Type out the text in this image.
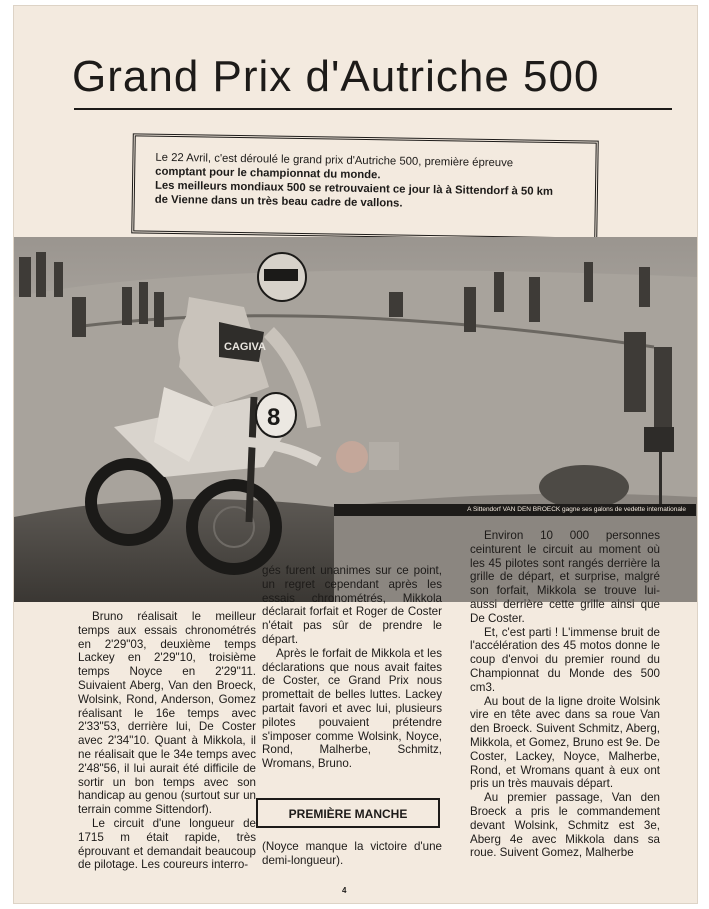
Grand Prix d'Autriche 500

Le 22 Avril, c'est déroulé le grand prix d'Autriche 500, première épreuve

comptant pour le championnat du monde.

Les meilleurs mondiaux 500 se retrouvaient ce jour là à Sittendorf à 50 km

de Vienne dans un très beau cadre de vallons.

8
CAGIVA
A Sittendorf VAN DEN BROECK gagne ses galons de vedette internationale

Bruno réalisait le meilleur temps aux essais chronométrés en 2'29"03, deuxième temps Lackey en 2'29"10, troisième temps Noyce en 2'29"11. Suivaient Aberg, Van den Broeck, Wolsink, Rond, Anderson, Gomez réalisant le 16e temps avec 2'33"53, derrière lui, De Coster avec 2'34"10. Quant à Mikkola, il ne réalisait que le 34e temps avec 2'48"56, il lui aurait été difficile de sortir un bon temps avec son handicap au genou (surtout sur un terrain comme Sittendorf).

Le circuit d'une longueur de 1715 m était rapide, très éprouvant et demandait beaucoup de pilotage. Les coureurs interro-

gés furent unanimes sur ce point, un regret cependant après les essais chronométrés, Mikkola déclarait forfait et Roger de Coster n'était pas sûr de prendre le départ.

Après le forfait de Mikkola et les déclarations que nous avait faites de Coster, ce Grand Prix nous promettait de belles luttes. Lackey partait favori et avec lui, plusieurs pilotes pouvaient prétendre s'imposer comme Wolsink, Noyce, Rond, Malherbe, Schmitz, Wromans, Bruno.

PREMIÈRE MANCHE
(Noyce manque la victoire d'une demi-longueur).

Environ 10 000 personnes ceinturent le circuit au moment où les 45 pilotes sont rangés derrière la grille de départ, et surprise, malgré son forfait, Mikkola se trouve lui-aussi derrière cette grille ainsi que De Coster.

Et, c'est parti ! L'immense bruit de l'accélération des 45 motos donne le coup d'envoi du premier round du Championnat du Monde des 500 cm3.

Au bout de la ligne droite Wolsink vire en tête avec dans sa roue Van den Broeck. Suivent Schmitz, Aberg, Mikkola, et Gomez, Bruno est 9e. De Coster, Lackey, Noyce, Malherbe, Rond, et Wromans quant à eux ont pris un très mauvais départ.

Au premier passage, Van den Broeck a pris le commandement devant Wolsink, Schmitz est 3e, Aberg 4e avec Mikkola dans sa roue. Suivent Gomez, Malherbe

4
